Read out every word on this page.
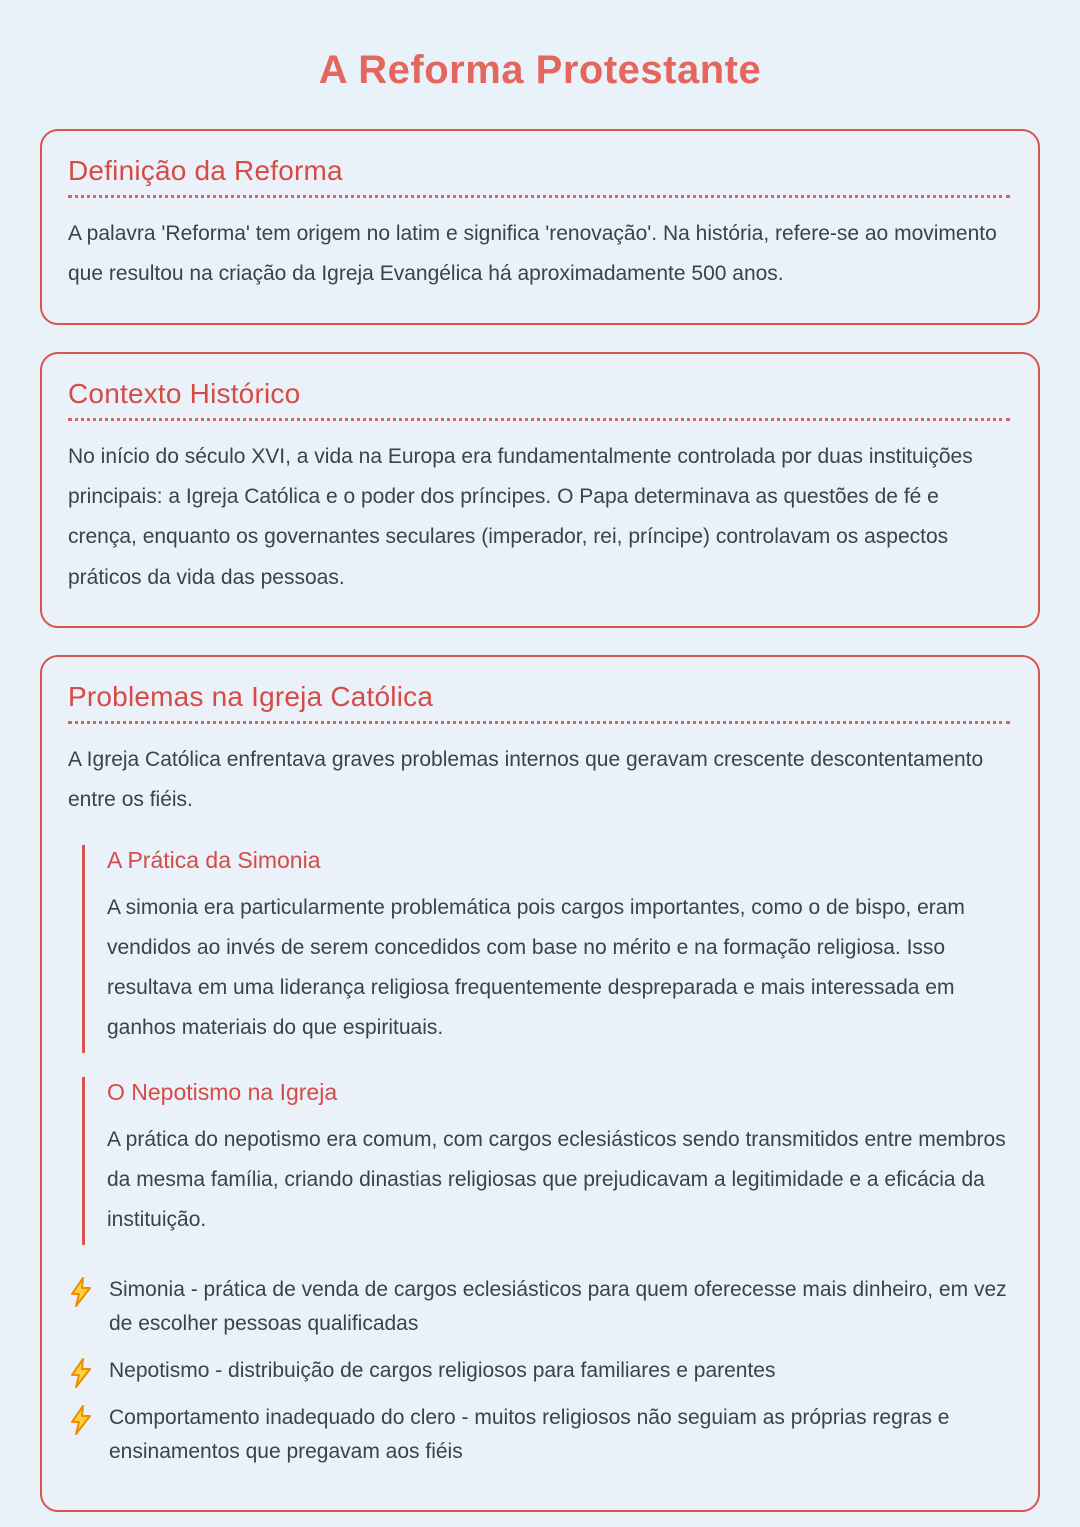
A Reforma Protestante
Definição da Reforma

A palavra 'Reforma' tem origem no latim e significa 'renovação'. Na história, refere-se ao movimento que resultou na criação da Igreja Evangélica há aproximadamente 500 anos.

Contexto Histórico

No início do século XVI, a vida na Europa era fundamentalmente controlada por duas instituições principais: a Igreja Católica e o poder dos príncipes. O Papa determinava as questões de fé e crença, enquanto os governantes seculares (imperador, rei, príncipe) controlavam os aspectos práticos da vida das pessoas.

Problemas na Igreja Católica

A Igreja Católica enfrentava graves problemas internos que geravam crescente descontentamento entre os fiéis.

A Prática da Simonia

A simonia era particularmente problemática pois cargos importantes, como o de bispo, eram vendidos ao invés de serem concedidos com base no mérito e na formação religiosa. Isso resultava em uma liderança religiosa frequentemente despreparada e mais interessada em ganhos materiais do que espirituais.

O Nepotismo na Igreja

A prática do nepotismo era comum, com cargos eclesiásticos sendo transmitidos entre membros da mesma família, criando dinastias religiosas que prejudicavam a legitimidade e a eficácia da instituição.

Simonia - prática de venda de cargos eclesiásticos para quem oferecesse mais dinheiro, em vez de escolher pessoas qualificadas
Nepotismo - distribuição de cargos religiosos para familiares e parentes
Comportamento inadequado do clero - muitos religiosos não seguiam as próprias regras e ensinamentos que pregavam aos fiéis
